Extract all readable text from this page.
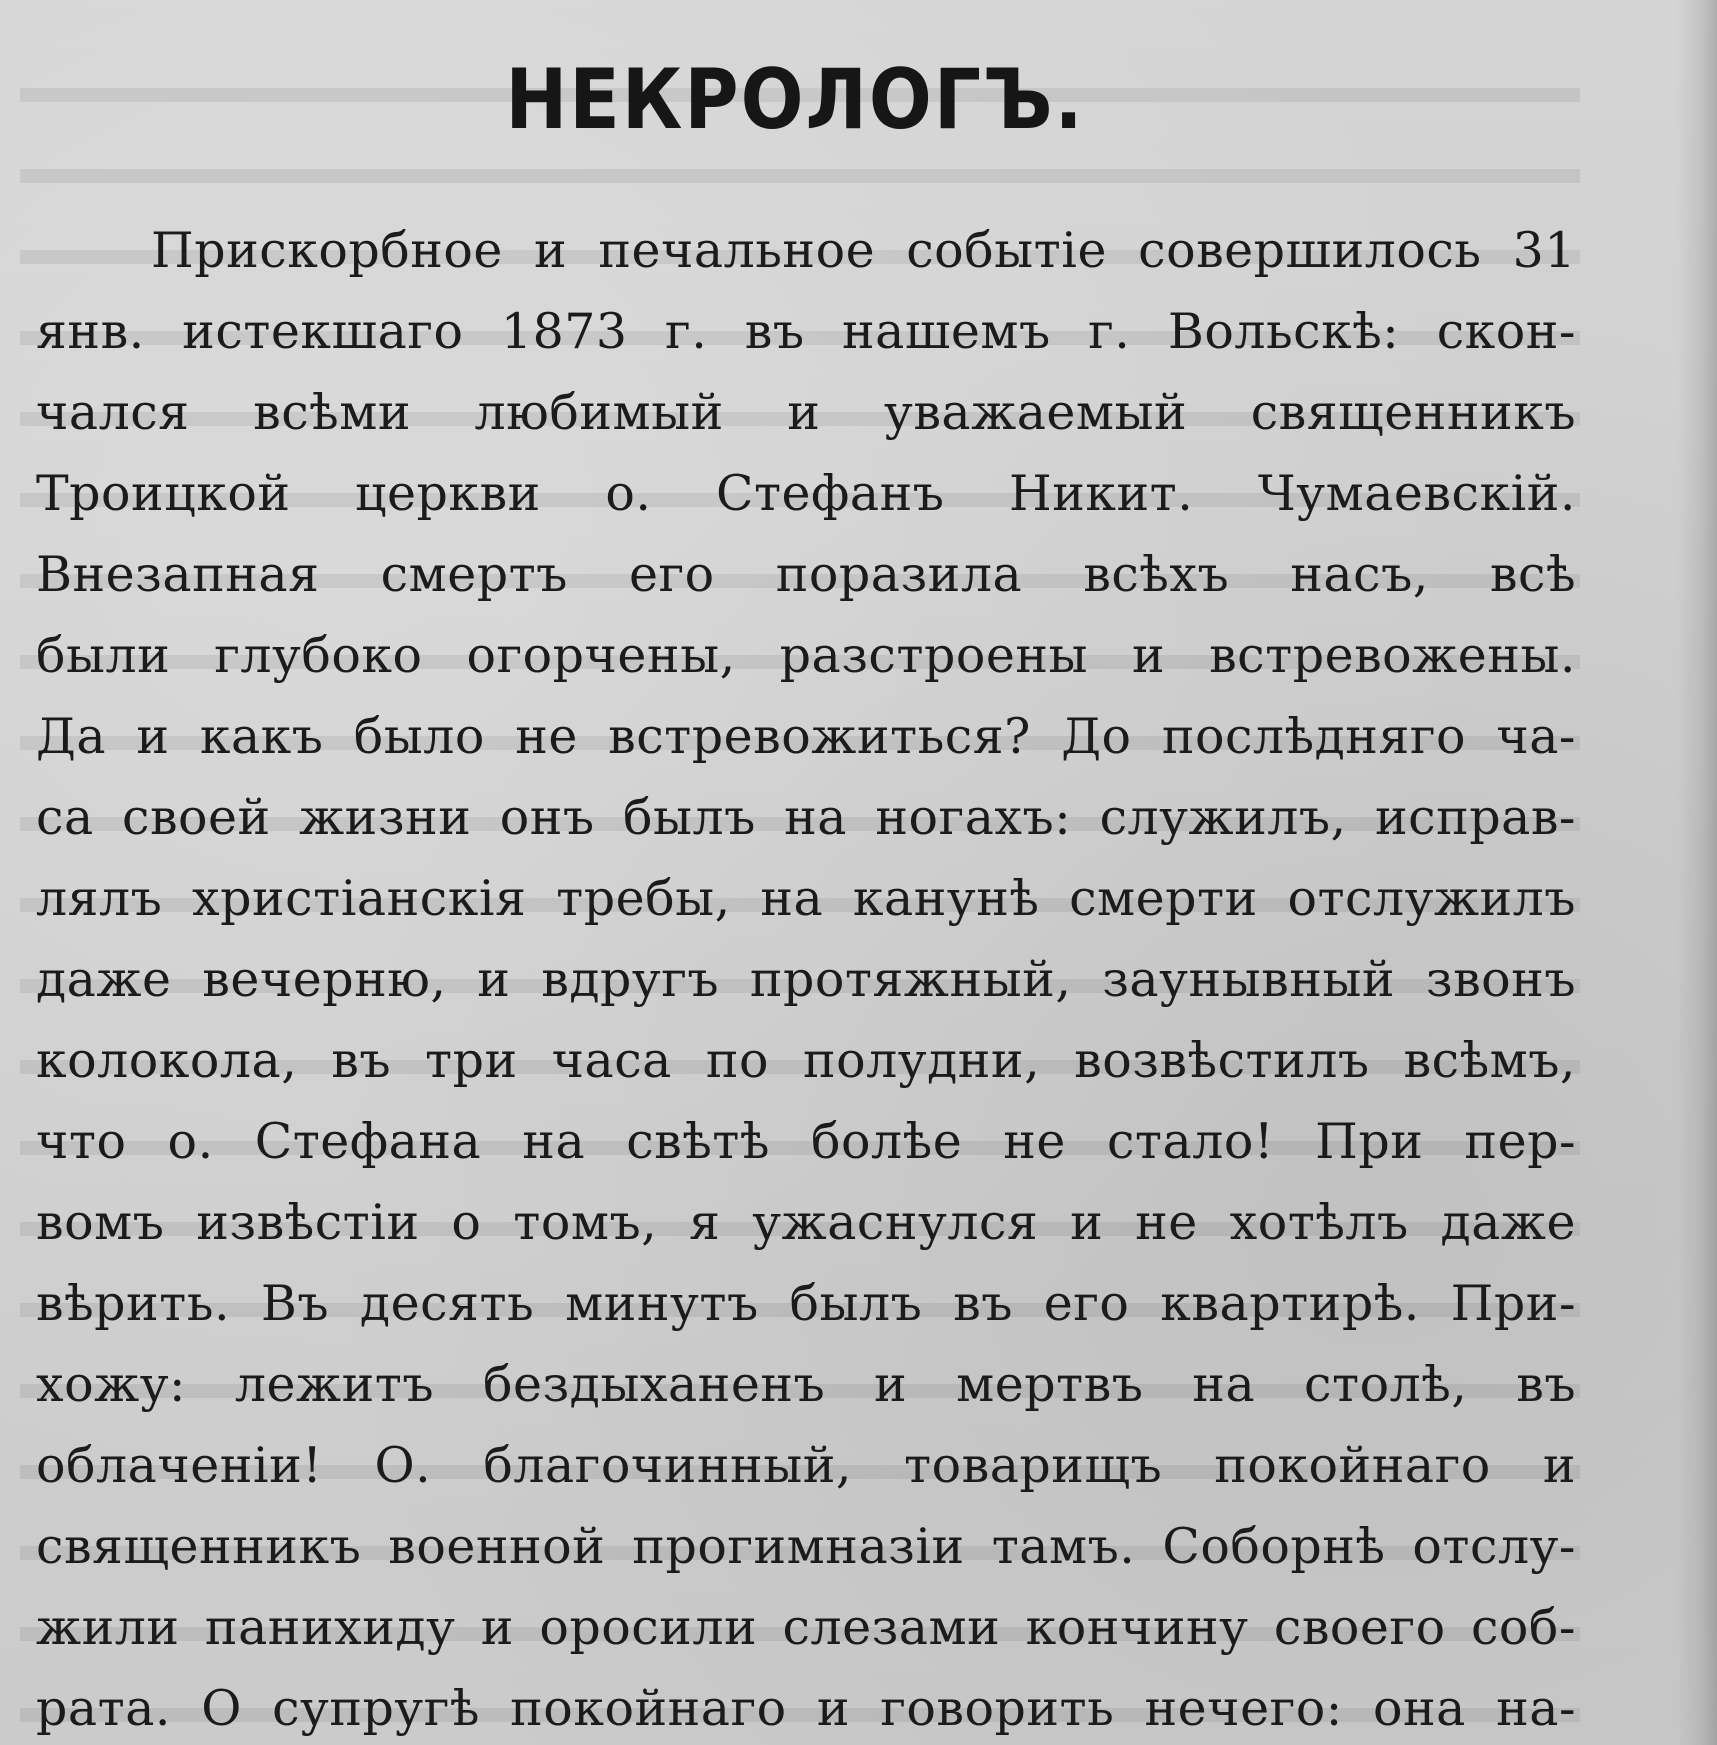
НЕКРОЛОГЪ.
Прискорбное и печальное событіе совершилось 31
янв. истекшаго 1873 г. въ нашемъ г. Вольскѣ: скон-
чался всѣми любимый и уважаемый священникъ
Троицкой церкви о. Стефанъ Никит. Чумаевскій.
Внезапная смертъ его поразила всѣхъ насъ, всѣ
были глубоко огорчены, разстроены и встревожены.
Да и какъ было не встревожиться? До послѣдняго ча-
са своей жизни онъ былъ на ногахъ: служилъ, исправ-
лялъ христіанскія требы, на канунѣ смерти отслужилъ
даже вечерню, и вдругъ протяжный, заунывный звонъ
колокола, въ три часа по полудни, возвѣстилъ всѣмъ,
что о. Стефана на свѣтѣ болѣе не стало! При пер-
вомъ извѣстіи о томъ, я ужаснулся и не хотѣлъ даже
вѣрить. Въ десять минутъ былъ въ его квартирѣ. При-
хожу: лежитъ бездыханенъ и мертвъ на столѣ, въ
облаченіи! О. благочинный, товарищъ покойнаго и
священникъ военной прогимназіи тамъ. Соборнѣ отслу-
жили панихиду и оросили слезами кончину своего соб-
рата. О супругѣ покойнаго и говорить нечего: она на-
